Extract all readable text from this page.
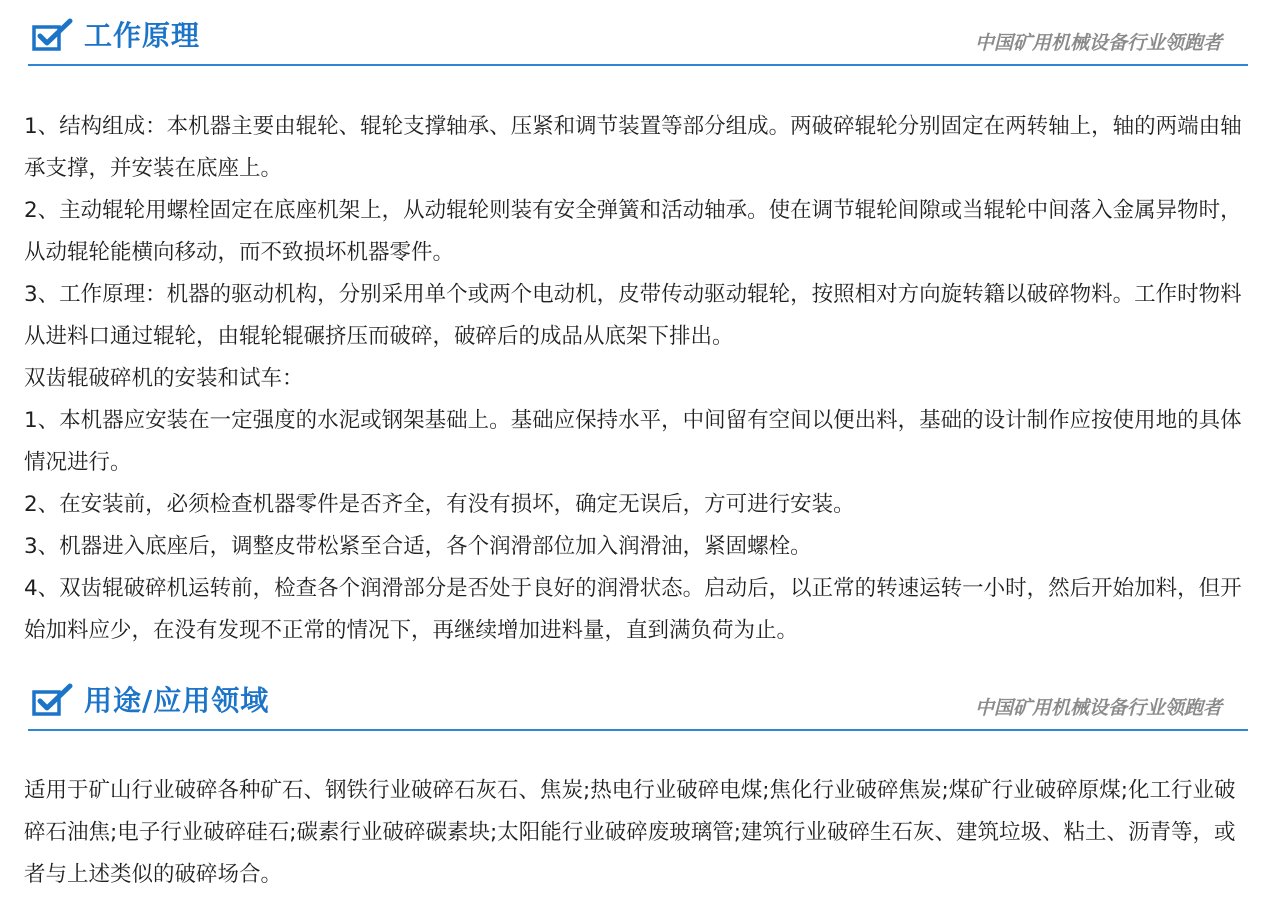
工作原理	中国矿用机械设备行业领跑者

1、结构组成：本机器主要由辊轮、辊轮支撑轴承、压紧和调节装置等部分组成。两破碎辊轮分别固定在两转轴上，轴的两端由轴承支撑，并安装在底座上。

2、主动辊轮用螺栓固定在底座机架上，从动辊轮则装有安全弹簧和活动轴承。使在调节辊轮间隙或当辊轮中间落入金属异物时，从动辊轮能横向移动，而不致损坏机器零件。

3、工作原理：机器的驱动机构，分别采用单个或两个电动机，皮带传动驱动辊轮，按照相对方向旋转籍以破碎物料。工作时物料从进料口通过辊轮，由辊轮辊碾挤压而破碎，破碎后的成品从底架下排出。

双齿辊破碎机的安装和试车：

1、本机器应安装在一定强度的水泥或钢架基础上。基础应保持水平，中间留有空间以便出料，基础的设计制作应按使用地的具体情况进行。

2、在安装前，必须检查机器零件是否齐全，有没有损坏，确定无误后，方可进行安装。

3、机器进入底座后，调整皮带松紧至合适，各个润滑部位加入润滑油，紧固螺栓。

4、双齿辊破碎机运转前，检查各个润滑部分是否处于良好的润滑状态。启动后，以正常的转速运转一小时，然后开始加料，但开始加料应少，在没有发现不正常的情况下，再继续增加进料量，直到满负荷为止。

用途/应用领域	中国矿用机械设备行业领跑者

适用于矿山行业破碎各种矿石、钢铁行业破碎石灰石、焦炭;热电行业破碎电煤;焦化行业破碎焦炭;煤矿行业破碎原煤;化工行业破碎石油焦;电子行业破碎硅石;碳素行业破碎碳素块;太阳能行业破碎废玻璃管;建筑行业破碎生石灰、建筑垃圾、粘土、沥青等，或者与上述类似的破碎场合。
